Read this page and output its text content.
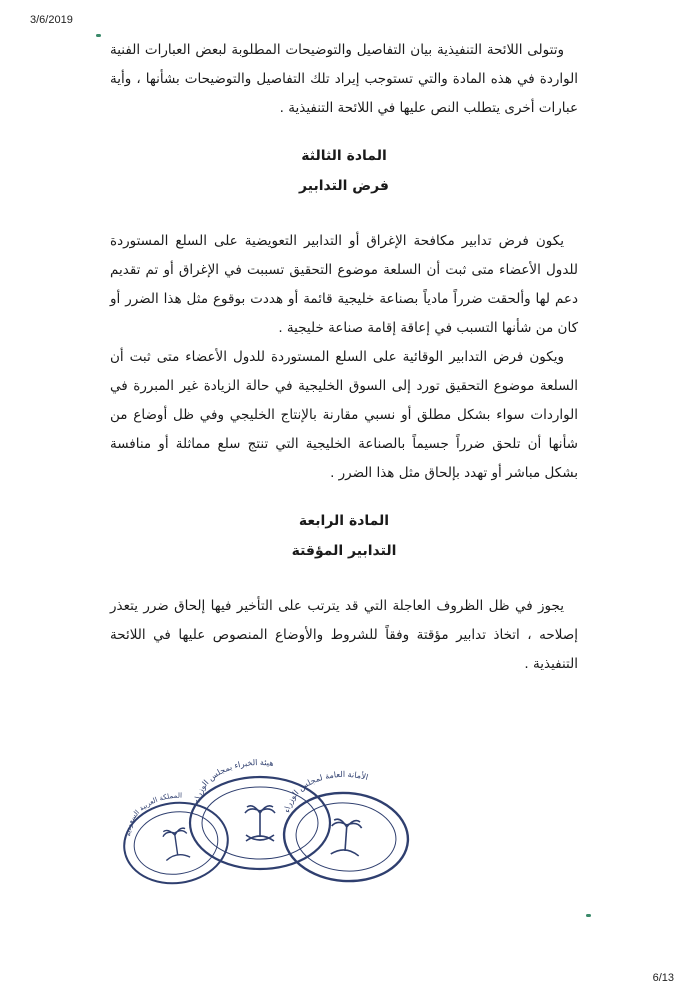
3/6/2019

وتتولى اللائحة التنفيذية بيان التفاصيل والتوضيحات المطلوبة لبعض العبارات الفنية الواردة في هذه المادة والتي تستوجب إيراد تلك التفاصيل والتوضيحات بشأنها ، وأية عبارات أخرى يتطلب النص عليها في اللائحة التنفيذية .

المادة الثالثة
فرض التدابير

يكون فرض تدابير مكافحة الإغراق أو التدابير التعويضية على السلع المستوردة للدول الأعضاء متى ثبت أن السلعة موضوع التحقيق تسببت في الإغراق أو تم تقديم دعم لها وألحقت ضرراً مادياً بصناعة خليجية قائمة أو هددت بوقوع مثل هذا الضرر أو كان من شأنها التسبب في إعاقة إقامة صناعة خليجية .

ويكون فرض التدابير الوقائية على السلع المستوردة للدول الأعضاء متى ثبت أن السلعة موضوع التحقيق تورد إلى السوق الخليجية في حالة الزيادة غير المبررة في الواردات سواء بشكل مطلق أو نسبي مقارنة بالإنتاج الخليجي وفي ظل أوضاع من شأنها أن تلحق ضرراً جسيماً بالصناعة الخليجية التي تنتج سلع مماثلة أو منافسة بشكل مباشر أو تهدد بإلحاق مثل هذا الضرر .

المادة الرابعة
التدابير المؤقتة

يجوز في ظل الظروف العاجلة التي قد يترتب على التأخير فيها إلحاق ضرر يتعذر إصلاحه ، اتخاذ تدابير مؤقتة وفقاً للشروط والأوضاع المنصوص عليها في اللائحة التنفيذية .

المملكة العربية السعودية
هيئة الخبراء بمجلس الوزراء
الأمانة العامة لمجلس الوزراء
6/13
